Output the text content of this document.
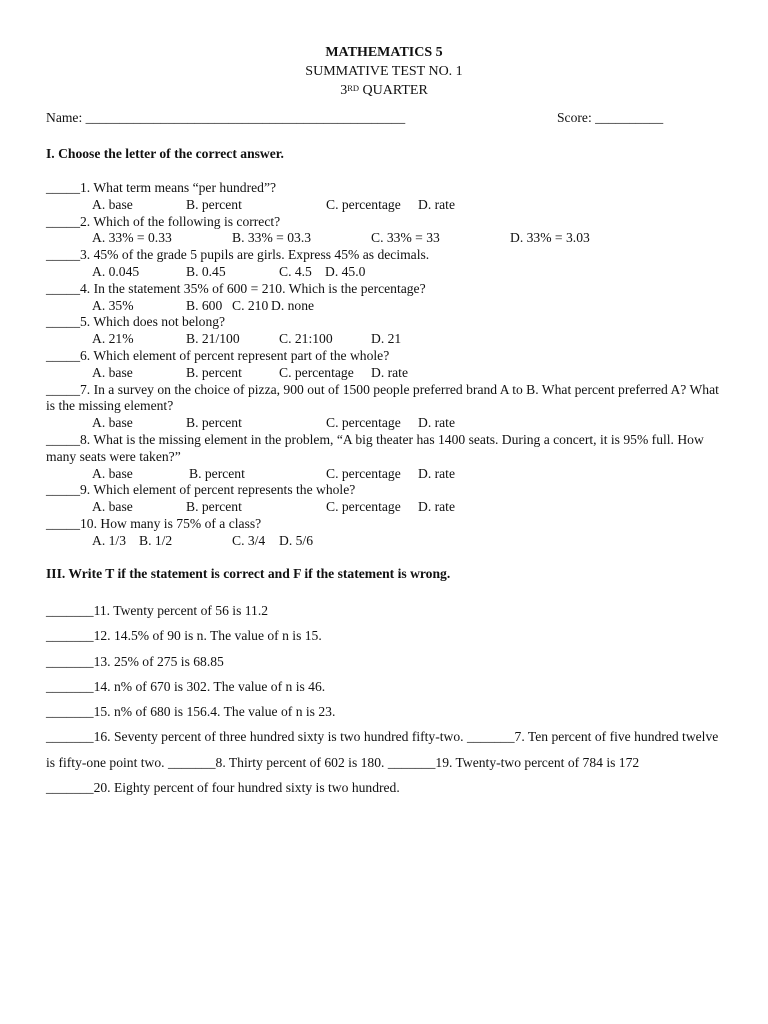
MATHEMATICS 5
SUMMATIVE TEST NO. 1
3RD QUARTER
Name: _______________________________________________	Score: __________
I. Choose the letter of the correct answer.
_____1. What term means “per hundred”?
A. base	B. percent	C. percentage D. rate
_____2. Which of the following is correct?
A. 33% = 0.33	B. 33% = 03.3	C. 33% = 33	D. 33% = 3.03
_____3. 45% of the grade 5 pupils are girls. Express 45% as decimals.
A. 0.045	B. 0.45	C. 4.5 D. 45.0
_____4. In the statement 35% of 600 = 210. Which is the percentage?
A. 35%	B. 600 C. 210 D. none
_____5. Which does not belong?
A. 21%	B. 21/100	C. 21:100	D. 21
_____6. Which element of percent represent part of the whole?
A. base	B. percent	C. percentage D. rate
_____7. In a survey on the choice of pizza, 900 out of 1500 people preferred brand A to B. What percent preferred A? What is the missing element?
A. base	B. percent	C. percentage D. rate
_____8. What is the missing element in the problem, “A big theater has 1400 seats. During a concert, it is 95% full. How many seats were taken?”
A. base	B. percent	C. percentage D. rate
_____9. Which element of percent represents the whole?
A. base	B. percent	C. percentage D. rate
_____10. How many is 75% of a class?
A. 1/3 B. 1/2	C. 3/4 D. 5/6
III. Write T if the statement is correct and F if the statement is wrong.
_______11. Twenty percent of 56 is 11.2
_______12. 14.5% of 90 is n. The value of n is 15.
_______13. 25% of 275 is 68.85
_______14. n% of 670 is 302. The value of n is 46.
_______15. n% of 680 is 156.4. The value of n is 23.
_______16. Seventy percent of three hundred sixty is two hundred fifty-two. _______7. Ten percent of five hundred twelve is fifty-one point two. _______8. Thirty percent of 602 is 180. _______19. Twenty-two percent of 784 is 172
_______20. Eighty percent of four hundred sixty is two hundred.
